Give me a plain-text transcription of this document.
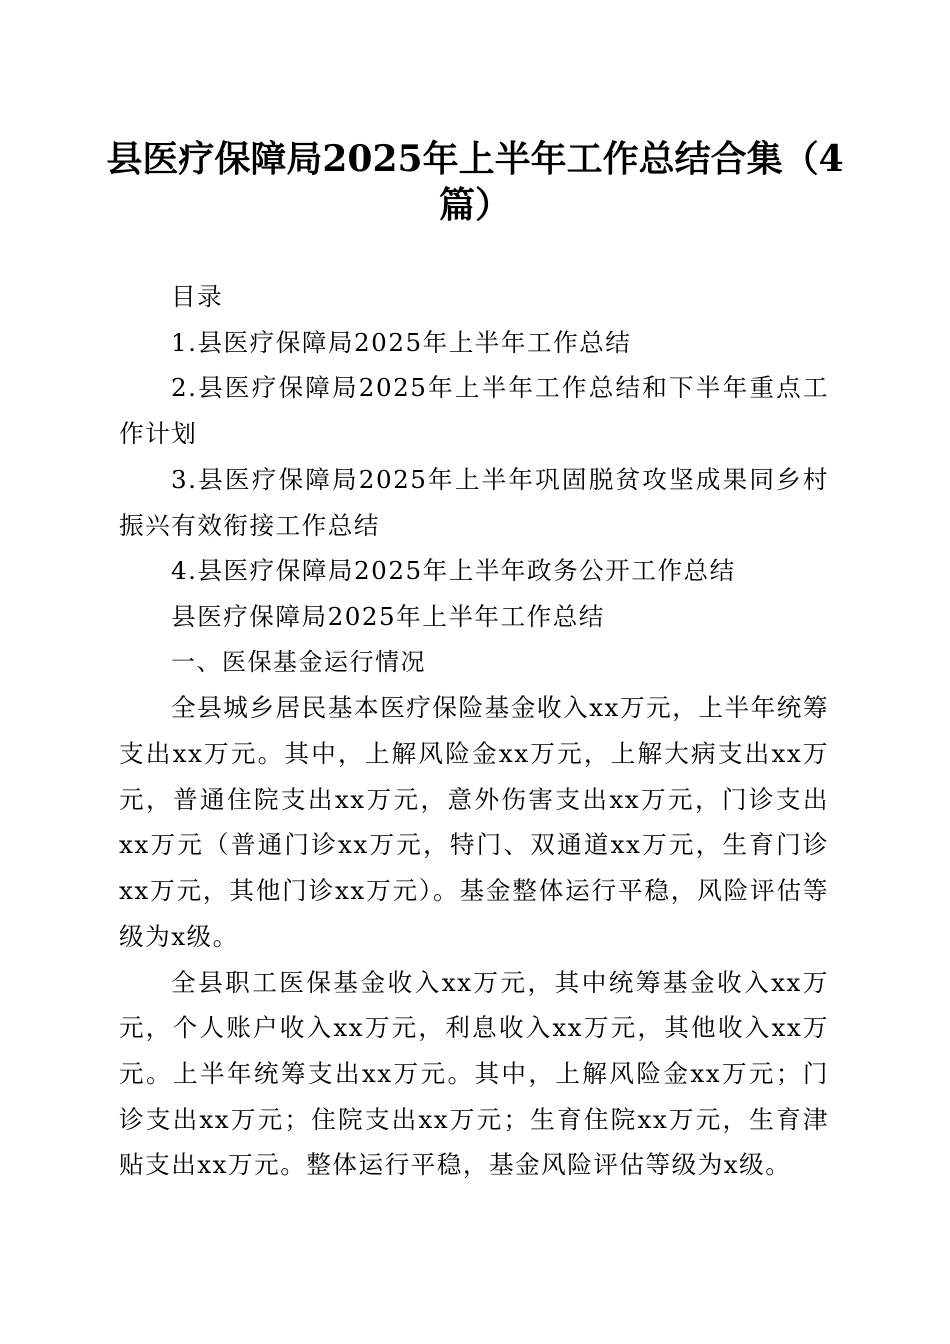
县医疗保障局2025年上半年工作总结合集（4篇）

目录

1.县医疗保障局2025年上半年工作总结

2.县医疗保障局2025年上半年工作总结和下半年重点工作计划

3.县医疗保障局2025年上半年巩固脱贫攻坚成果同乡村振兴有效衔接工作总结

4.县医疗保障局2025年上半年政务公开工作总结

县医疗保障局2025年上半年工作总结

一、医保基金运行情况

全县城乡居民基本医疗保险基金收入xx万元，上半年统筹支出xx万元。其中，上解风险金xx万元，上解大病支出xx万元，普通住院支出xx万元，意外伤害支出xx万元，门诊支出xx万元（普通门诊xx万元，特门、双通道xx万元，生育门诊xx万元，其他门诊xx万元）。基金整体运行平稳，风险评估等级为x级。

全县职工医保基金收入xx万元，其中统筹基金收入xx万元，个人账户收入xx万元，利息收入xx万元，其他收入xx万元。上半年统筹支出xx万元。其中，上解风险金xx万元；门诊支出xx万元；住院支出xx万元；生育住院xx万元，生育津贴支出xx万元。整体运行平稳，基金风险评估等级为x级。
